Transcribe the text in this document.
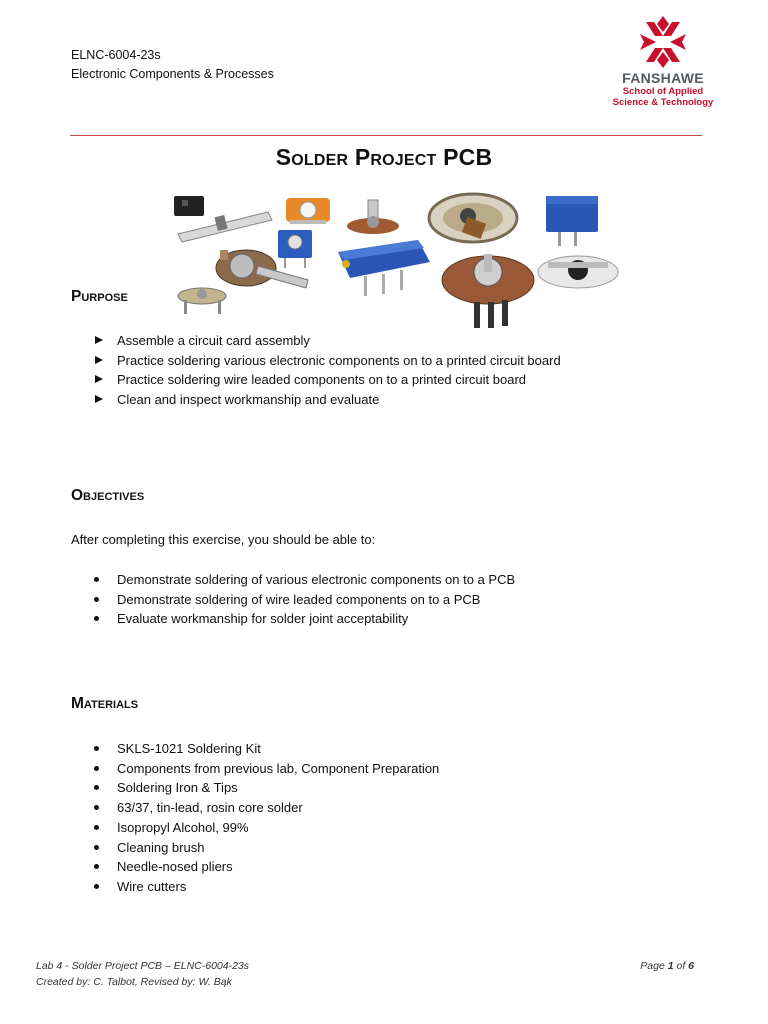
ELNC-6004-23s
Electronic Components & Processes	FANSHAWE
School of Applied
Science & Technology
Solder Project PCB
Purpose
Assemble a circuit card assembly
Practice soldering various electronic components on to a printed circuit board
Practice soldering wire leaded components on to a printed circuit board
Clean and inspect workmanship and evaluate
Objectives
After completing this exercise, you should be able to:
Demonstrate soldering of various electronic components on to a PCB
Demonstrate soldering of wire leaded components on to a PCB
Evaluate workmanship for solder joint acceptability
Materials
SKLS-1021 Soldering Kit
Components from previous lab, Component Preparation
Soldering Iron & Tips
63/37, tin-lead, rosin core solder
Isopropyl Alcohol, 99%
Cleaning brush
Needle-nosed pliers
Wire cutters
Lab 4 - Solder Project PCB – ELNC-6004-23s
Created by: C. Talbot, Revised by: W. Bąk
Page 1 of 6
